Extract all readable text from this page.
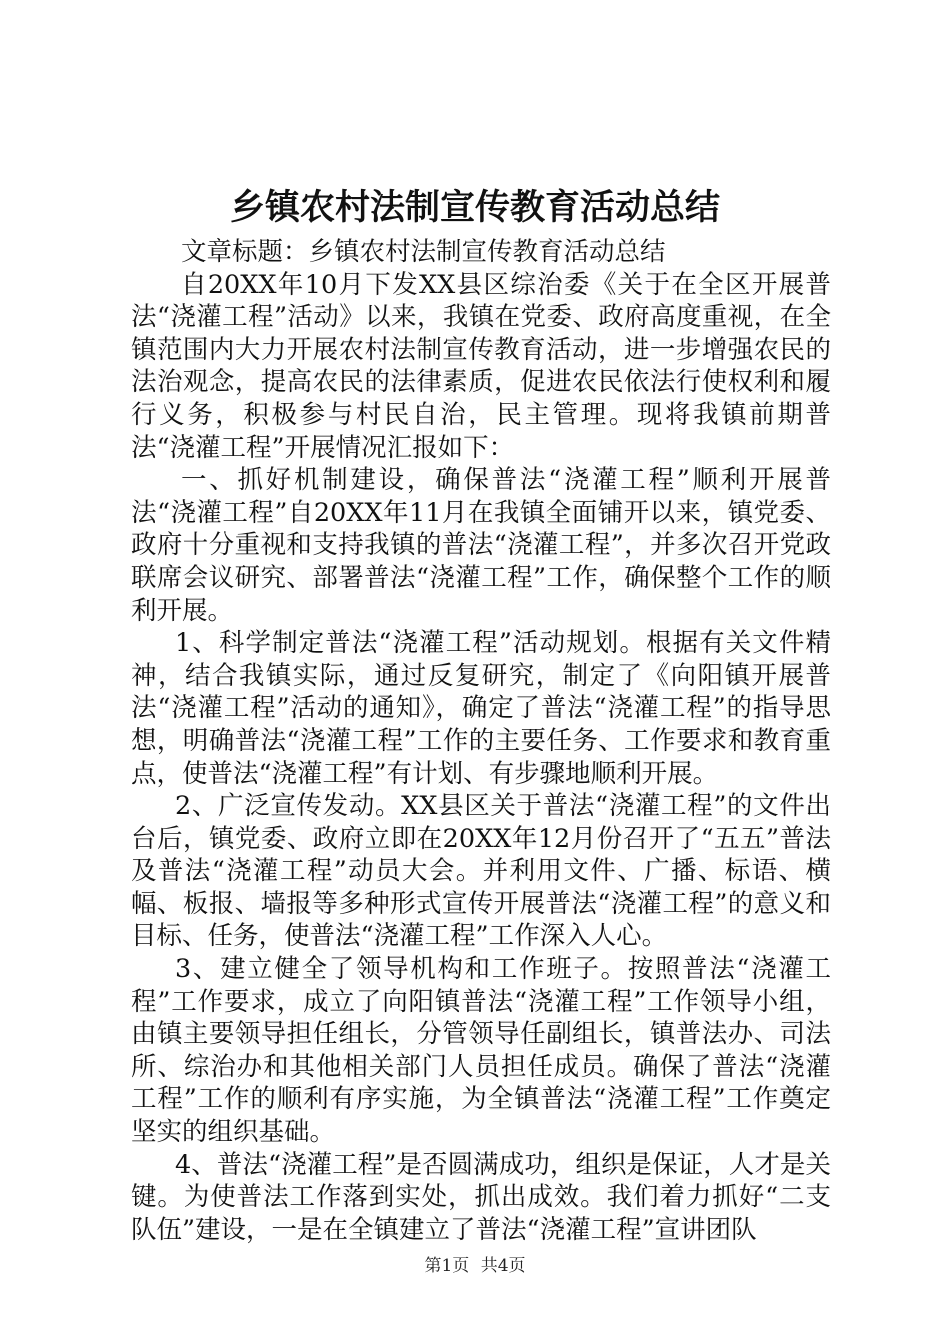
乡镇农村法制宣传教育活动总结

文章标题：乡镇农村法制宣传教育活动总结

自20XX年10月下发XX县区综治委《关于在全区开展普法“浇灌工程”活动》以来，我镇在党委、政府高度重视，在全镇范围内大力开展农村法制宣传教育活动，进一步增强农民的法治观念，提高农民的法律素质，促进农民依法行使权利和履行义务，积极参与村民自治，民主管理。现将我镇前期普法“浇灌工程”开展情况汇报如下：

一、抓好机制建设，确保普法“浇灌工程”顺利开展普法“浇灌工程”自20XX年11月在我镇全面铺开以来，镇党委、政府十分重视和支持我镇的普法“浇灌工程”，并多次召开党政联席会议研究、部署普法“浇灌工程”工作，确保整个工作的顺利开展。

1、科学制定普法“浇灌工程”活动规划。根据有关文件精神，结合我镇实际，通过反复研究，制定了《向阳镇开展普法“浇灌工程”活动的通知》，确定了普法“浇灌工程”的指导思想，明确普法“浇灌工程”工作的主要任务、工作要求和教育重点，使普法“浇灌工程”有计划、有步骤地顺利开展。

2、广泛宣传发动。XX县区关于普法“浇灌工程”的文件出台后，镇党委、政府立即在20XX年12月份召开了“五五”普法及普法“浇灌工程”动员大会。并利用文件、广播、标语、横幅、板报、墙报等多种形式宣传开展普法“浇灌工程”的意义和目标、任务，使普法“浇灌工程”工作深入人心。

3、建立健全了领导机构和工作班子。按照普法“浇灌工程”工作要求，成立了向阳镇普法“浇灌工程”工作领导小组，由镇主要领导担任组长，分管领导任副组长，镇普法办、司法所、综治办和其他相关部门人员担任成员。确保了普法“浇灌工程”工作的顺利有序实施，为全镇普法“浇灌工程”工作奠定坚实的组织基础。

4、普法“浇灌工程”是否圆满成功，组织是保证，人才是关键。为使普法工作落到实处，抓出成效。我们着力抓好“二支队伍”建设，一是在全镇建立了普法“浇灌工程”宣讲团队

第1页 共4页
